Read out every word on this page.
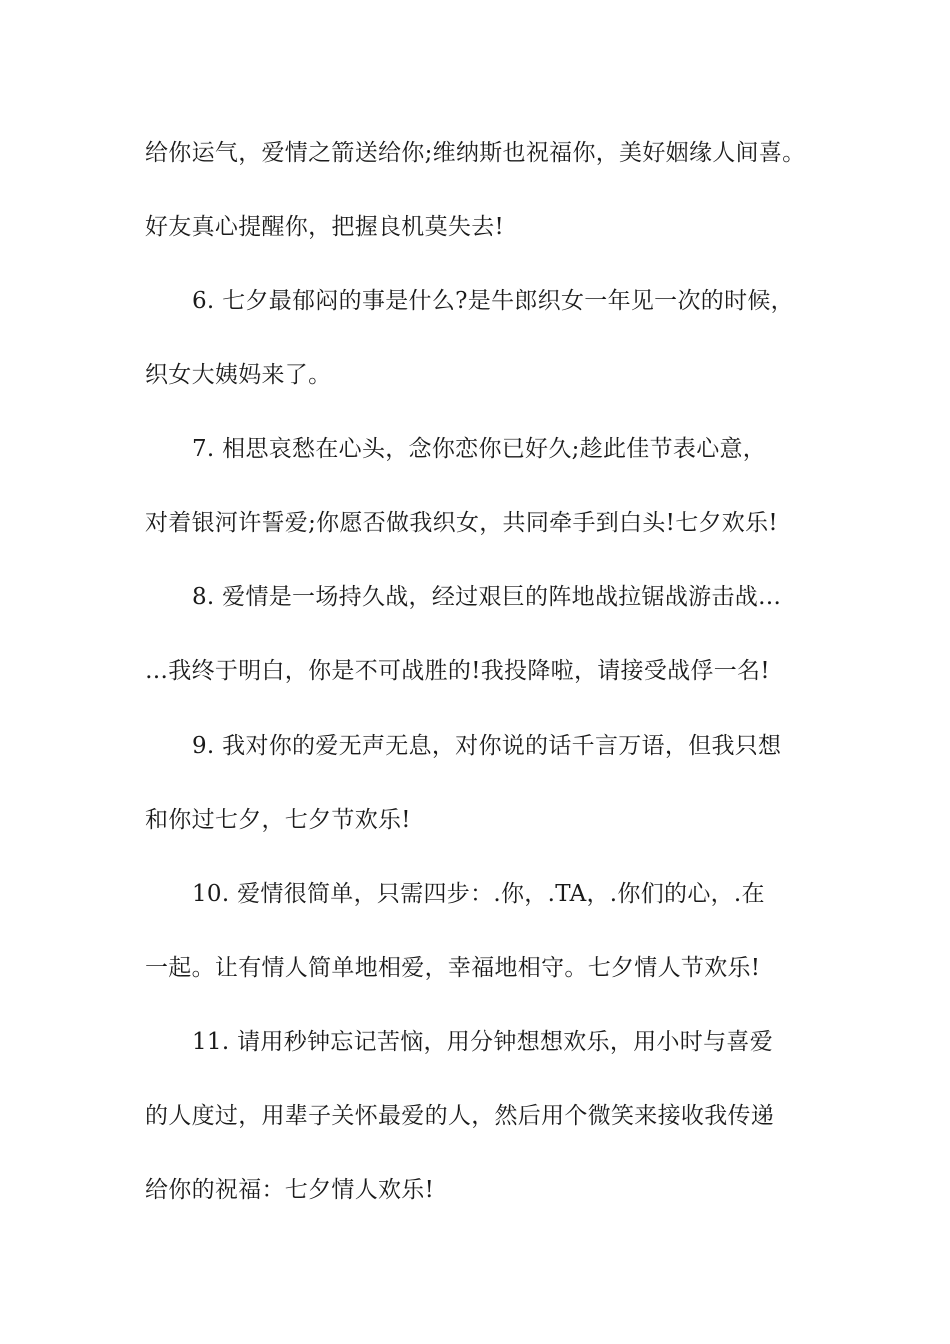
给你运气，爱情之箭送给你;维纳斯也祝福你，美好姻缘人间喜。
好友真心提醒你，把握良机莫失去!
6. 七夕最郁闷的事是什么?是牛郎织女一年见一次的时候，
织女大姨妈来了。
7. 相思哀愁在心头，念你恋你已好久;趁此佳节表心意，
对着银河许誓爱;你愿否做我织女，共同牵手到白头!七夕欢乐!
8. 爱情是一场持久战，经过艰巨的阵地战拉锯战游击战…
…我终于明白，你是不可战胜的!我投降啦，请接受战俘一名!
9. 我对你的爱无声无息，对你说的话千言万语，但我只想
和你过七夕，七夕节欢乐!
10. 爱情很简单，只需四步：.你，.TA，.你们的心，.在
一起。让有情人简单地相爱，幸福地相守。七夕情人节欢乐!
11. 请用秒钟忘记苦恼，用分钟想想欢乐，用小时与喜爱
的人度过，用辈子关怀最爱的人，然后用个微笑来接收我传递
给你的祝福：七夕情人欢乐!
